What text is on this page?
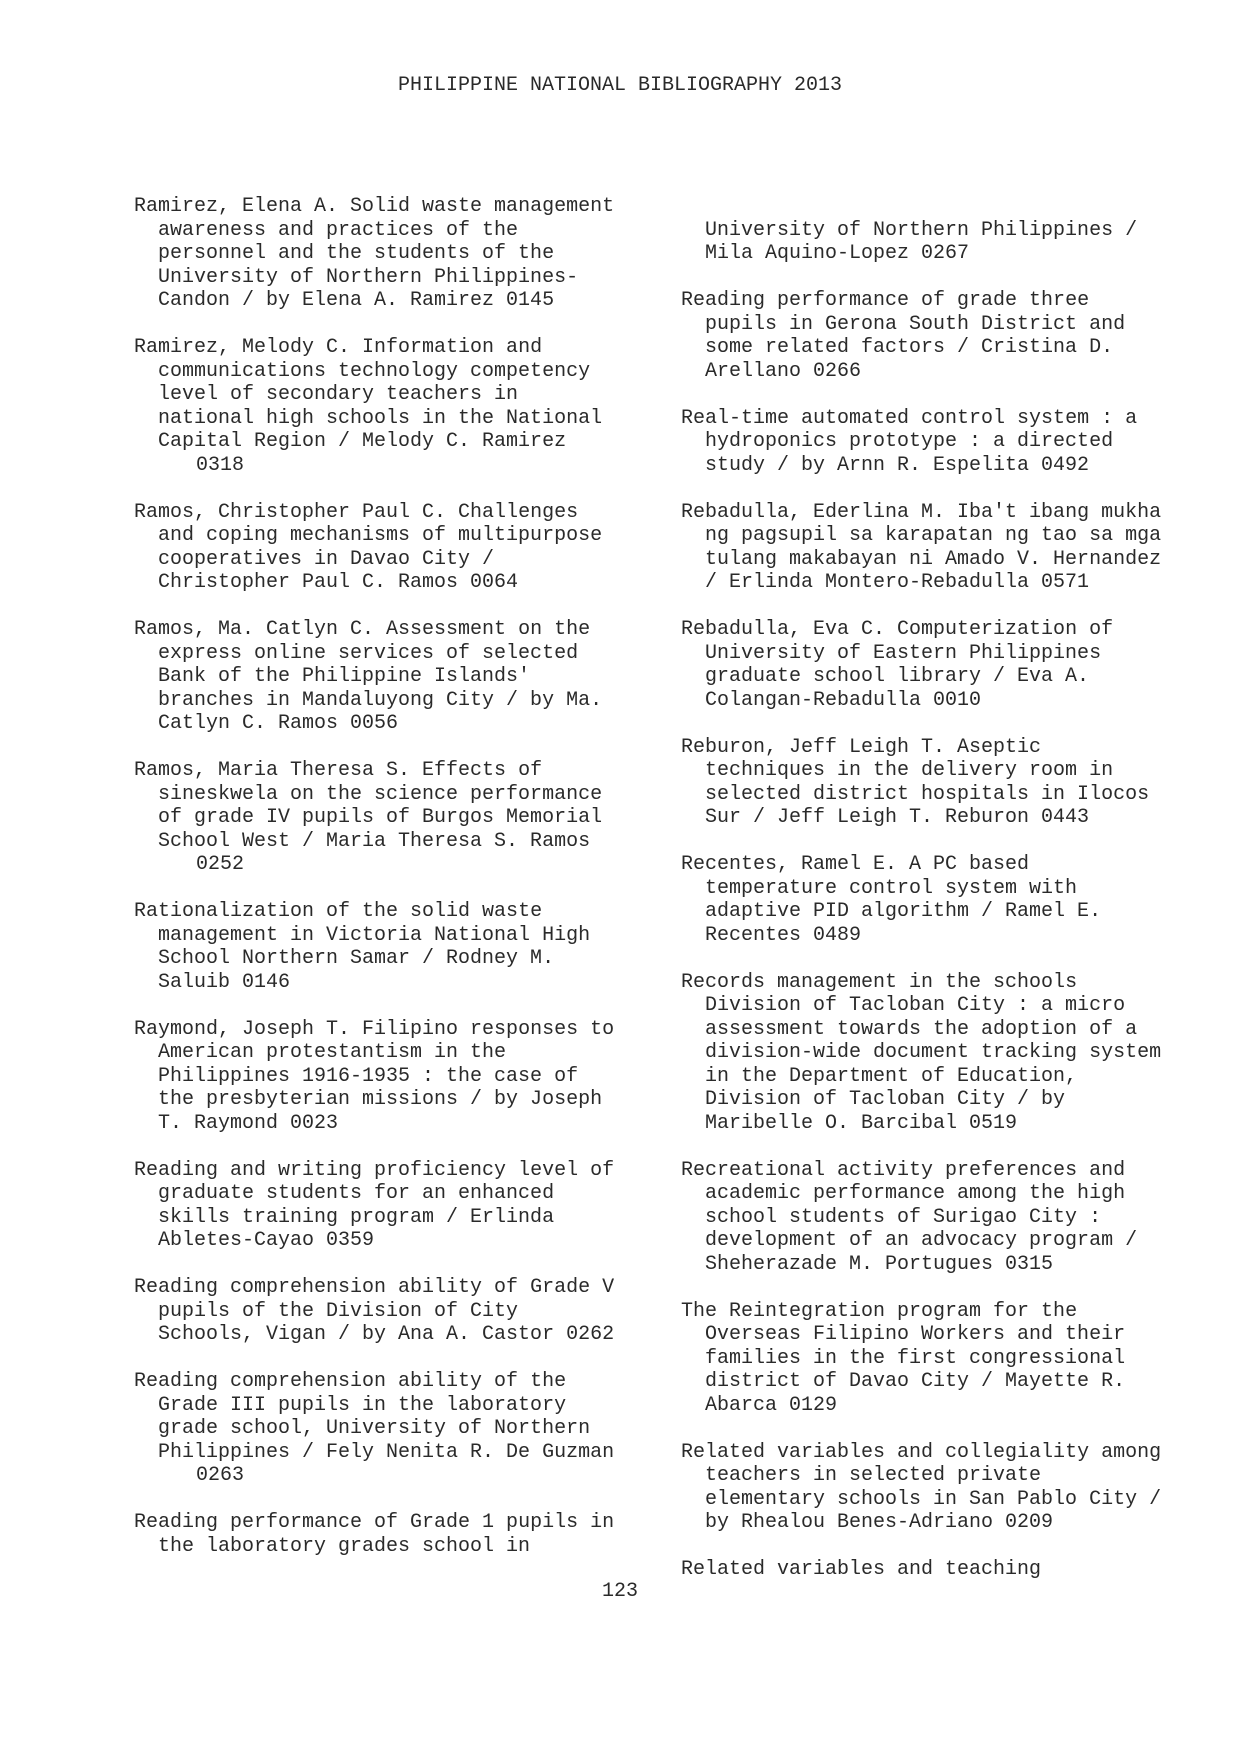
PHILIPPINE NATIONAL BIBLIOGRAPHY 2013
Ramirez, Elena A. Solid waste management
awareness and practices of the
personnel and the students of the
University of Northern Philippines-
Candon / by Elena A. Ramirez 0145
Ramirez, Melody C. Information and
communications technology competency
level of secondary teachers in
national high schools in the National
Capital Region / Melody C. Ramirez
0318
Ramos, Christopher Paul C. Challenges
and coping mechanisms of multipurpose
cooperatives in Davao City /
Christopher Paul C. Ramos 0064
Ramos, Ma. Catlyn C. Assessment on the
express online services of selected
Bank of the Philippine Islands'
branches in Mandaluyong City / by Ma.
Catlyn C. Ramos 0056
Ramos, Maria Theresa S. Effects of
sineskwela on the science performance
of grade IV pupils of Burgos Memorial
School West / Maria Theresa S. Ramos
0252
Rationalization of the solid waste
management in Victoria National High
School Northern Samar / Rodney M.
Saluib 0146
Raymond, Joseph T. Filipino responses to
American protestantism in the
Philippines 1916-1935 : the case of
the presbyterian missions / by Joseph
T. Raymond 0023
Reading and writing proficiency level of
graduate students for an enhanced
skills training program / Erlinda
Abletes-Cayao 0359
Reading comprehension ability of Grade V
pupils of the Division of City
Schools, Vigan / by Ana A. Castor 0262
Reading comprehension ability of the
Grade III pupils in the laboratory
grade school, University of Northern
Philippines / Fely Nenita R. De Guzman
0263
Reading performance of Grade 1 pupils in
the laboratory grades school in
University of Northern Philippines /
Mila Aquino-Lopez 0267
Reading performance of grade three
pupils in Gerona South District and
some related factors / Cristina D.
Arellano 0266
Real-time automated control system : a
hydroponics prototype : a directed
study / by Arnn R. Espelita 0492
Rebadulla, Ederlina M. Iba't ibang mukha
ng pagsupil sa karapatan ng tao sa mga
tulang makabayan ni Amado V. Hernandez
/ Erlinda Montero-Rebadulla 0571
Rebadulla, Eva C. Computerization of
University of Eastern Philippines
graduate school library / Eva A.
Colangan-Rebadulla 0010
Reburon, Jeff Leigh T. Aseptic
techniques in the delivery room in
selected district hospitals in Ilocos
Sur / Jeff Leigh T. Reburon 0443
Recentes, Ramel E. A PC based
temperature control system with
adaptive PID algorithm / Ramel E.
Recentes 0489
Records management in the schools
Division of Tacloban City : a micro
assessment towards the adoption of a
division-wide document tracking system
in the Department of Education,
Division of Tacloban City / by
Maribelle O. Barcibal 0519
Recreational activity preferences and
academic performance among the high
school students of Surigao City :
development of an advocacy program /
Sheherazade M. Portugues 0315
The Reintegration program for the
Overseas Filipino Workers and their
families in the first congressional
district of Davao City / Mayette R.
Abarca 0129
Related variables and collegiality among
teachers in selected private
elementary schools in San Pablo City /
by Rhealou Benes-Adriano 0209
Related variables and teaching
123
